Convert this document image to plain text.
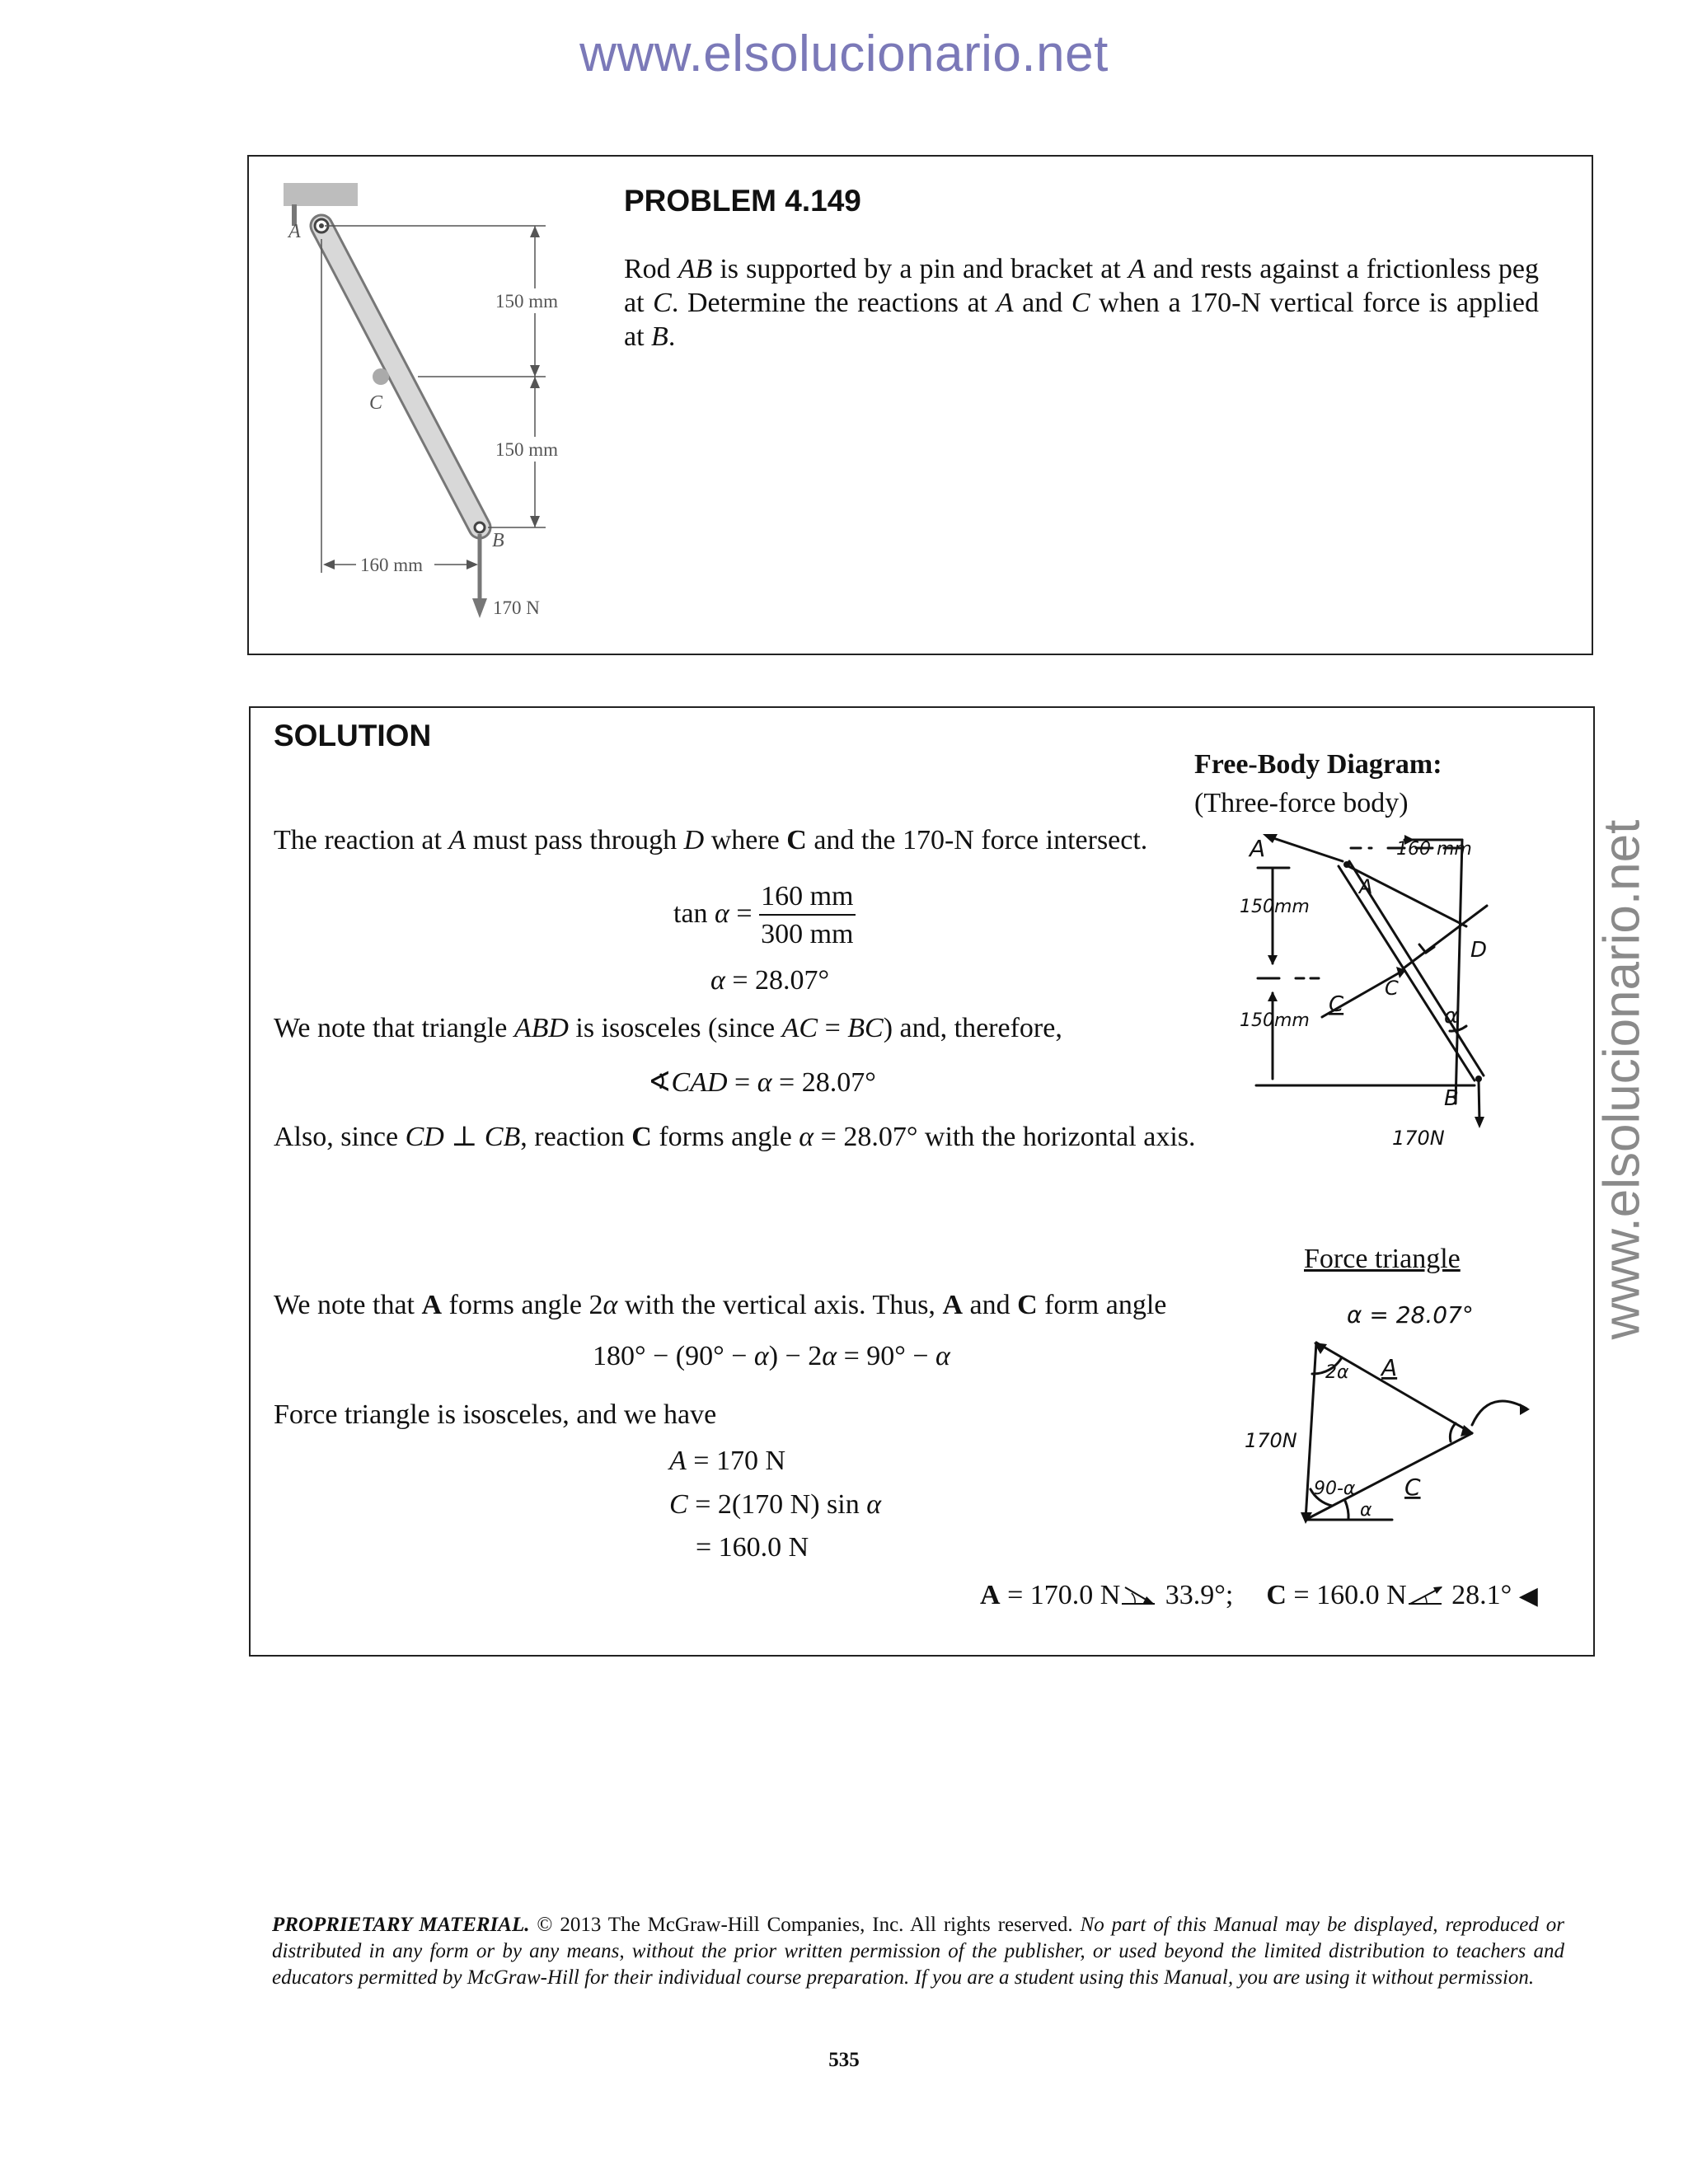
www.elsolucionario.net
www.elsolucionario.net
150 mm
150 mm
160 mm
170 N
A
C
B
PROBLEM 4.149
Rod AB is supported by a pin and bracket at A and rests against a frictionless peg at C. Determine the reactions at A and C when a 170-N vertical force is applied at B.
SOLUTION
Free-Body Diagram:
(Three-force body)
The reaction at A must pass through D where C and the 170-N force intersect.
$\tan \alpha = \frac{160 mm}{300 mm}$
α = 28.07°
We note that triangle ABD is isosceles (since AC = BC) and, therefore,
∢CAD = α = 28.07°
Also, since CD ⊥ CB, reaction C forms angle α = 28.07° with the horizontal axis.
Force triangle
We note that A forms angle 2α with the vertical axis. Thus, A and C form angle
180° − (90° − α) − 2α = 90° − α
Force triangle is isosceles, and we have
A = 170 N
C = 2(170 N) sin α
= 160.0 N
A = 170.0 N 33.9°; C = 160.0 N 28.1° ◀
A
A
160 mm
150mm
150mm
C
C
D
α
B
170N
α = 28.07°
2α A
170N
90-α
α
C
PROPRIETARY MATERIAL. © 2013 The McGraw-Hill Companies, Inc. All rights reserved. No part of this Manual may be displayed, reproduced or distributed in any form or by any means, without the prior written permission of the publisher, or used beyond the limited distribution to teachers and educators permitted by McGraw-Hill for their individual course preparation. If you are a student using this Manual, you are using it without permission.
535
